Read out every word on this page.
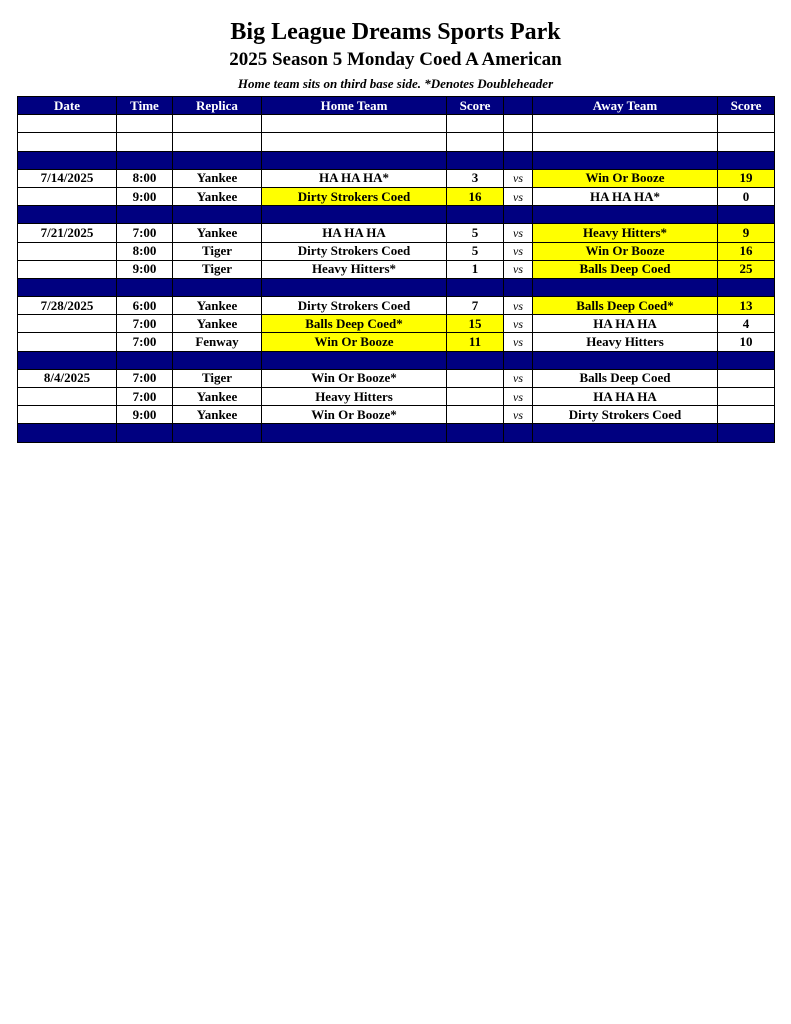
Big League Dreams Sports Park
2025 Season 5 Monday Coed A American
Home team sits on third base side. *Denotes Doubleheader
Date	Time	Replica	Home Team	Score		Away Team	Score

7/14/2025	8:00	Yankee	HA HA HA*	3	vs	Win Or Booze	19
	9:00	Yankee	Dirty Strokers Coed	16	vs	HA HA HA*	0

7/21/2025	7:00	Yankee	HA HA HA	5	vs	Heavy Hitters*	9
	8:00	Tiger	Dirty Strokers Coed	5	vs	Win Or Booze	16
	9:00	Tiger	Heavy Hitters*	1	vs	Balls Deep Coed	25

7/28/2025	6:00	Yankee	Dirty Strokers Coed	7	vs	Balls Deep Coed*	13
	7:00	Yankee	Balls Deep Coed*	15	vs	HA HA HA	4
	7:00	Fenway	Win Or Booze	11	vs	Heavy Hitters	10

8/4/2025	7:00	Tiger	Win Or Booze*		vs	Balls Deep Coed	
	7:00	Yankee	Heavy Hitters		vs	HA HA HA	
	9:00	Yankee	Win Or Booze*		vs	Dirty Strokers Coed	
